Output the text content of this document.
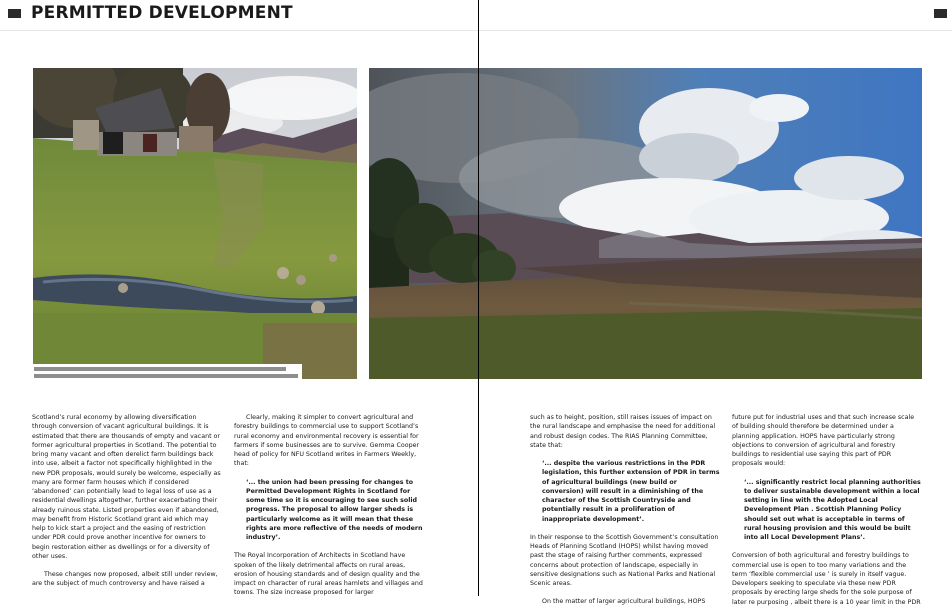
PERMITTED DEVELOPMENT

Scotland’s rural economy by allowing diversification through conversion of vacant agricultural buildings. It is estimated that there are thousands of empty and vacant or former agricultural properties in Scotland. The potential to bring many vacant and often derelict farm buildings back into use, albeit a factor not specifically highlighted in the new PDR proposals, would surely be welcome, especially as many are former farm houses which if considered ‘abandoned’ can potentially lead to legal loss of use as a residential dwellings altogether, further exacerbating their already ruinous state. Listed properties even if abandoned, may benefit from Historic Scotland grant aid which may help to kick start a project and the easing of restriction under PDR could prove another incentive for owners to begin restoration either as dwellings or for a diversity of other uses.

These changes now proposed, albeit still under review, are the subject of much controversy and have raised a

Clearly, making it simpler to convert agricultural and forestry buildings to commercial use to support Scotland’s rural economy and environmental recovery is essential for farmers if some businesses are to survive. Gemma Cooper head of policy for NFU Scotland writes in Farmers Weekly, that:

‘... the union had been pressing for changes to Permitted Development Rights in Scotland for some time so it is encouraging to see such solid progress. The proposal to allow larger sheds is particularly welcome as it will mean that these rights are more reflective of the needs of modern industry’.

The Royal Incorporation of Architects in Scotland have spoken of the likely detrimental affects on rural areas, erosion of housing standards and of design quality and the impact on character of rural areas hamlets and villages and towns. The size increase proposed for larger

such as to height, position, still raises issues of impact on the rural landscape and emphasise the need for additional and robust design codes. The RIAS Planning Committee, state that:

‘... despite the various restrictions in the PDR legislation, this further extension of PDR in terms of agricultural buildings (new build or conversion) will result in a diminishing of the character of the Scottish Countryside and potentially result in a proliferation of inappropriate development’.

In their response to the Scottish Government’s consultation Heads of Planning Scotland (HOPS) whilst having moved past the stage of raising further comments, expressed concerns about protection of landscape, especially in sensitive designations such as National Parks and National Scenic areas.

On the matter of larger agricultural buildings, HOPS

future put for industrial uses and that such increase scale of building should therefore be determined under a planning application. HOPS have particularly strong objections to conversion of agricultural and forestry buildings to residential use saying this part of PDR proposals would:

‘... significantly restrict local planning authorities to deliver sustainable development within a local setting in line with the Adopted Local Development Plan . Scottish Planning Policy should set out what is acceptable in terms of rural housing provision and this would be built into all Local Development Plans’.

Conversion of both agricultural and forestry buildings to commercial use is open to too many variations and the term ‘flexible commercial use ’ is surely in itself vague. Developers seeking to speculate via these new PDR proposals by erecting large sheds for the sole purpose of later re purposing , albeit there is a 10 year limit in the PDR
